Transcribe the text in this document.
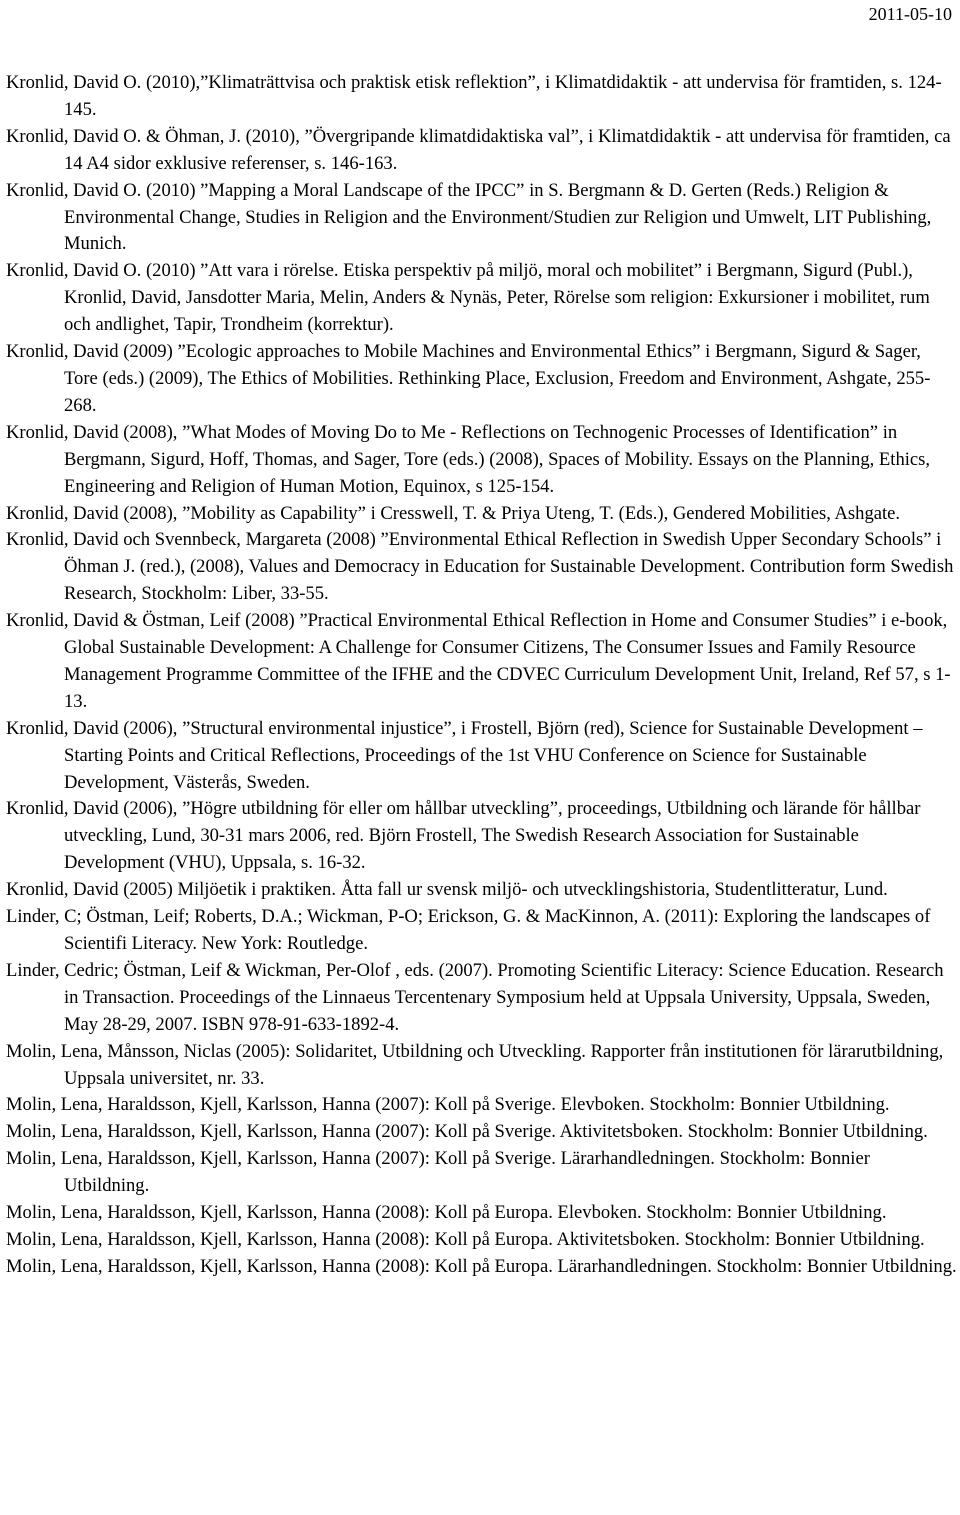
2011-05-10

Kronlid, David O. (2010),”Klimaträttvisa och praktisk etisk reflektion”, i Klimatdidaktik - att undervisa för framtiden, s. 124-145.

Kronlid, David O. & Öhman, J. (2010), ”Övergripande klimatdidaktiska val”, i Klimatdidaktik - att undervisa för framtiden, ca 14 A4 sidor exklusive referenser, s. 146-163.

Kronlid, David O. (2010) ”Mapping a Moral Landscape of the IPCC” in S. Bergmann & D. Gerten (Reds.) Religion & Environmental Change, Studies in Religion and the Environment/Studien zur Religion und Umwelt, LIT Publishing, Munich.

Kronlid, David O. (2010) ”Att vara i rörelse. Etiska perspektiv på miljö, moral och mobilitet” i Bergmann, Sigurd (Publ.), Kronlid, David, Jansdotter Maria, Melin, Anders & Nynäs, Peter, Rörelse som religion: Exkursioner i mobilitet, rum och andlighet, Tapir, Trondheim (korrektur).

Kronlid, David (2009) ”Ecologic approaches to Mobile Machines and Environmental Ethics” i Bergmann, Sigurd & Sager, Tore (eds.) (2009), The Ethics of Mobilities. Rethinking Place, Exclusion, Freedom and Environment, Ashgate, 255-268.

Kronlid, David (2008), ”What Modes of Moving Do to Me - Reflections on Technogenic Processes of Identification” in Bergmann, Sigurd, Hoff, Thomas, and Sager, Tore (eds.) (2008), Spaces of Mobility. Essays on the Planning, Ethics, Engineering and Religion of Human Motion, Equinox, s 125-154.

Kronlid, David (2008), ”Mobility as Capability” i Cresswell, T. & Priya Uteng, T. (Eds.), Gendered Mobilities, Ashgate.

Kronlid, David och Svennbeck, Margareta (2008) ”Environmental Ethical Reflection in Swedish Upper Secondary Schools” i Öhman J. (red.), (2008), Values and Democracy in Education for Sustainable Development. Contribution form Swedish Research, Stockholm: Liber, 33-55.

Kronlid, David & Östman, Leif (2008) ”Practical Environmental Ethical Reflection in Home and Consumer Studies” i e-book, Global Sustainable Development: A Challenge for Consumer Citizens, The Consumer Issues and Family Resource Management Programme Committee of the IFHE and the CDVEC Curriculum Development Unit, Ireland, Ref 57, s 1-13.

Kronlid, David (2006), ”Structural environmental injustice”, i Frostell, Björn (red), Science for Sustainable Development – Starting Points and Critical Reflections, Proceedings of the 1st VHU Conference on Science for Sustainable Development, Västerås, Sweden.

Kronlid, David (2006), ”Högre utbildning för eller om hållbar utveckling”, proceedings, Utbildning och lärande för hållbar utveckling, Lund, 30-31 mars 2006, red. Björn Frostell, The Swedish Research Association for Sustainable Development (VHU), Uppsala, s. 16-32.

Kronlid, David (2005) Miljöetik i praktiken. Åtta fall ur svensk miljö- och utvecklingshistoria, Studentlitteratur, Lund.

Linder, C; Östman, Leif; Roberts, D.A.; Wickman, P-O; Erickson, G. & MacKinnon, A. (2011): Exploring the landscapes of Scientifi Literacy. New York: Routledge.

Linder, Cedric; Östman, Leif & Wickman, Per-Olof , eds. (2007). Promoting Scientific Literacy: Science Education. Research in Transaction. Proceedings of the Linnaeus Tercentenary Symposium held at Uppsala University, Uppsala, Sweden, May 28-29, 2007. ISBN 978-91-633-1892-4.

Molin, Lena, Månsson, Niclas (2005): Solidaritet, Utbildning och Utveckling. Rapporter från institutionen för lärarutbildning, Uppsala universitet, nr. 33.

Molin, Lena, Haraldsson, Kjell, Karlsson, Hanna (2007): Koll på Sverige. Elevboken. Stockholm: Bonnier Utbildning.

Molin, Lena, Haraldsson, Kjell, Karlsson, Hanna (2007): Koll på Sverige. Aktivitetsboken. Stockholm: Bonnier Utbildning.

Molin, Lena, Haraldsson, Kjell, Karlsson, Hanna (2007): Koll på Sverige. Lärarhandledningen. Stockholm: Bonnier Utbildning.

Molin, Lena, Haraldsson, Kjell, Karlsson, Hanna (2008): Koll på Europa. Elevboken. Stockholm: Bonnier Utbildning.

Molin, Lena, Haraldsson, Kjell, Karlsson, Hanna (2008): Koll på Europa. Aktivitetsboken. Stockholm: Bonnier Utbildning.

Molin, Lena, Haraldsson, Kjell, Karlsson, Hanna (2008): Koll på Europa. Lärarhandledningen. Stockholm: Bonnier Utbildning.
